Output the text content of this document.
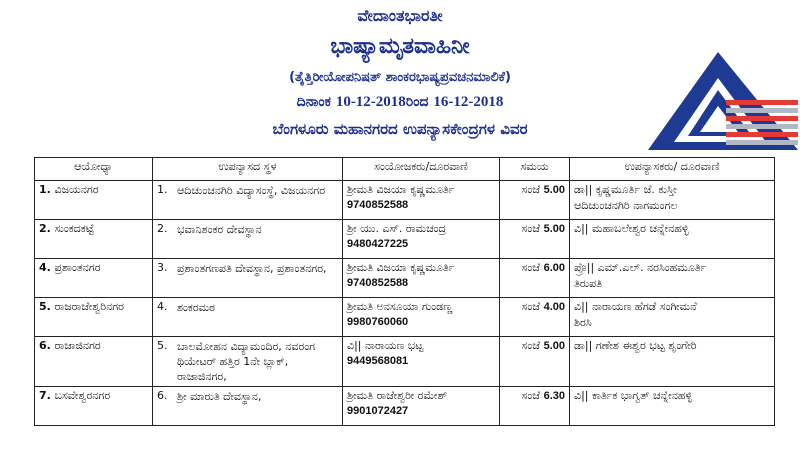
ವೇದಾಂತಭಾರತೀ
ಭಾಷ್ಯಾಮೃತವಾಹಿನೀ
(ತೈತ್ತಿರೀಯೋಪನಿಷತ್ ಶಾಂಕರಭಾಷ್ಯಪ್ರವಚನಮಾಲಿಕೆ)
ದಿನಾಂಕ 10-12-2018ರಿಂದ 16-12-2018
ಬೆಂಗಳೂರು ಮಹಾನಗರದ ಉಪನ್ಯಾಸಕೇಂದ್ರಗಳ ವಿವರ
ಆಯೋಧ್ಯಾ	ಉಪನ್ಯಾಸದ ಸ್ಥಳ	ಸಂಯೋಜಕರು/ದೂರವಾಣಿ	ಸಮಯ	ಉಪನ್ಯಾಸಕರು/ ದೂರವಾಣಿ
1. ವಿಜಯನಗರ	1. ಆದಿಚುಂಚನಗಿರಿ ವಿದ್ಯಾಸಂಸ್ಥೆ, ವಿಜಯನಗರ	ಶ್ರೀಮತಿ ವಿಜಯಾ ಕೃಷ್ಣಮೂರ್ತಿ
9740852588	ಸಂಜೆ 5.00	ಡಾ|| ಕೃಷ್ಣಮೂರ್ತಿ ಜೆ. ಕುಸ್ತೀ
ಆದಿಚುಂಚನಗಿರಿ ನಾಗಮಂಗಲ

2. ಸುಂಕದಕಟ್ಟೆ	2. ಭವಾನಿಶಂಕರ ದೇವಸ್ಥಾನ	ಶ್ರೀ ಯು. ಎಸ್. ರಾಮಚಂದ್ರ
9480427225	ಸಂಜೆ 5.00	ವಿ|| ಮಹಾಬಲೇಶ್ವರ ಚನ್ನೇನಹಳ್ಳಿ

4. ಪ್ರಶಾಂತನಗರ	3. ಪ್ರಶಾಂತಗಣಪತಿ ದೇವಸ್ಥಾನ, ಪ್ರಶಾಂತನಗರ,	ಶ್ರೀಮತಿ ವಿಜಯಾ ಕೃಷ್ಣಮೂರ್ತಿ
9740852588	ಸಂಜೆ 6.00	ಪ್ರೊ|| ಎಮ್.ಎಲ್. ನರಸಿಂಹಮೂರ್ತಿ
ತಿರುಪತಿ

5. ರಾಜರಾಜೇಶ್ವರಿನಗರ	4. ಶಂಕರಮಠ	ಶ್ರೀಮತಿ ಅನಸೂಯಾ ಗುಂಡಣ್ಣ
9980760060	ಸಂಜೆ 4.00	ವಿ|| ನಾರಾಯಣ ಹೆಗಡೆ ಸಂಗೀಮನೆ
ಶಿರಸಿ

6. ರಾಜಾಜಿನಗರ	5. ಬಾಲಮೋಹನ ವಿದ್ಯಾಮಂದಿರ, ನವರಂಗ ಥಿಯೇಟರ್ ಹತ್ತಿರ 1ನೇ ಬ್ಲಾಕ್, ರಾಜಾಜಿನಗರ,	ವಿ|| ನಾರಾಯಣ ಭಟ್ಟ
9449568081	ಸಂಜೆ 5.00	ಡಾ|| ಗಣೇಶ ಈಶ್ವರ ಭಟ್ಟ ಶೃಂಗೇರಿ

7. ಬಸವೇಶ್ವರನಗರ	6. ಶ್ರೀ ಮಾರುತಿ ದೇವಸ್ಥಾನ,	ಶ್ರೀಮತಿ ರಾಜೇಶ್ವರೀ ರಮೇಶ್
9901072427	ಸಂಜೆ 6.30	ವಿ|| ಕಾರ್ತಿಕ ಭಾಗ್ವತ್ ಚನ್ನೇನಹಳ್ಳಿ
